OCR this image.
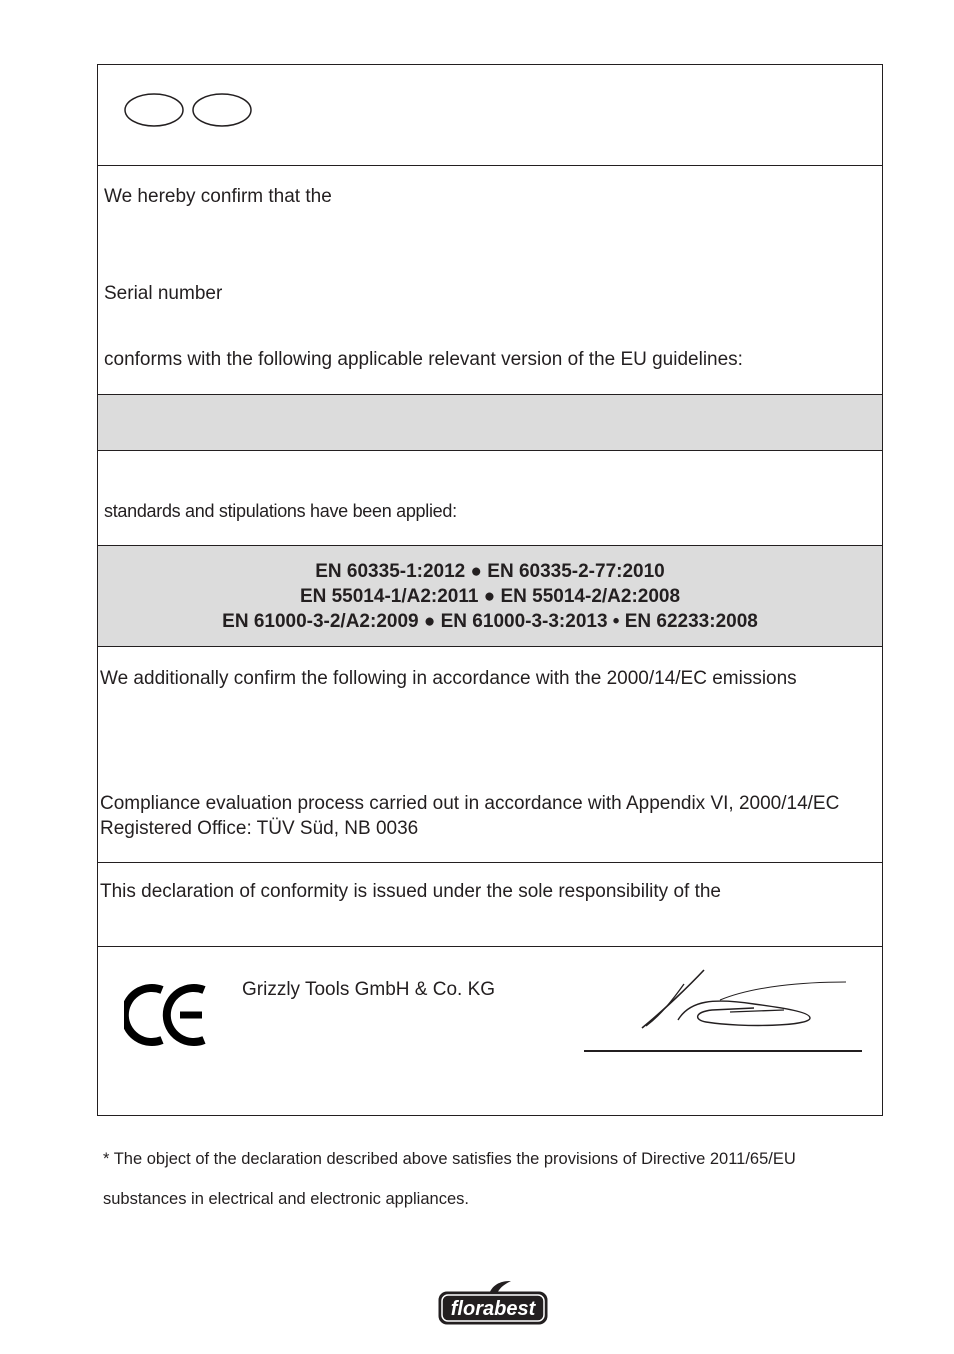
We hereby confirm that the
Serial number
conforms with the following applicable relevant version of the EU guidelines:
standards and stipulations have been applied:
EN 60335-1:2012 ● EN 60335-2-77:2010
EN 55014-1/A2:2011 ● EN 55014-2/A2:2008
EN 61000-3-2/A2:2009 ● EN 61000-3-3:2013 • EN 62233:2008
We additionally confirm the following in accordance with the 2000/14/EC emissions
Compliance evaluation process carried out in accordance with Appendix VI, 2000/14/EC
Registered Office: TÜV Süd, NB 0036
This declaration of conformity is issued under the sole responsibility of the
Grizzly Tools GmbH & Co. KG
* The object of the declaration described above satisfies the provisions of Directive 2011/65/EU
substances in electrical and electronic appliances.
florabest
